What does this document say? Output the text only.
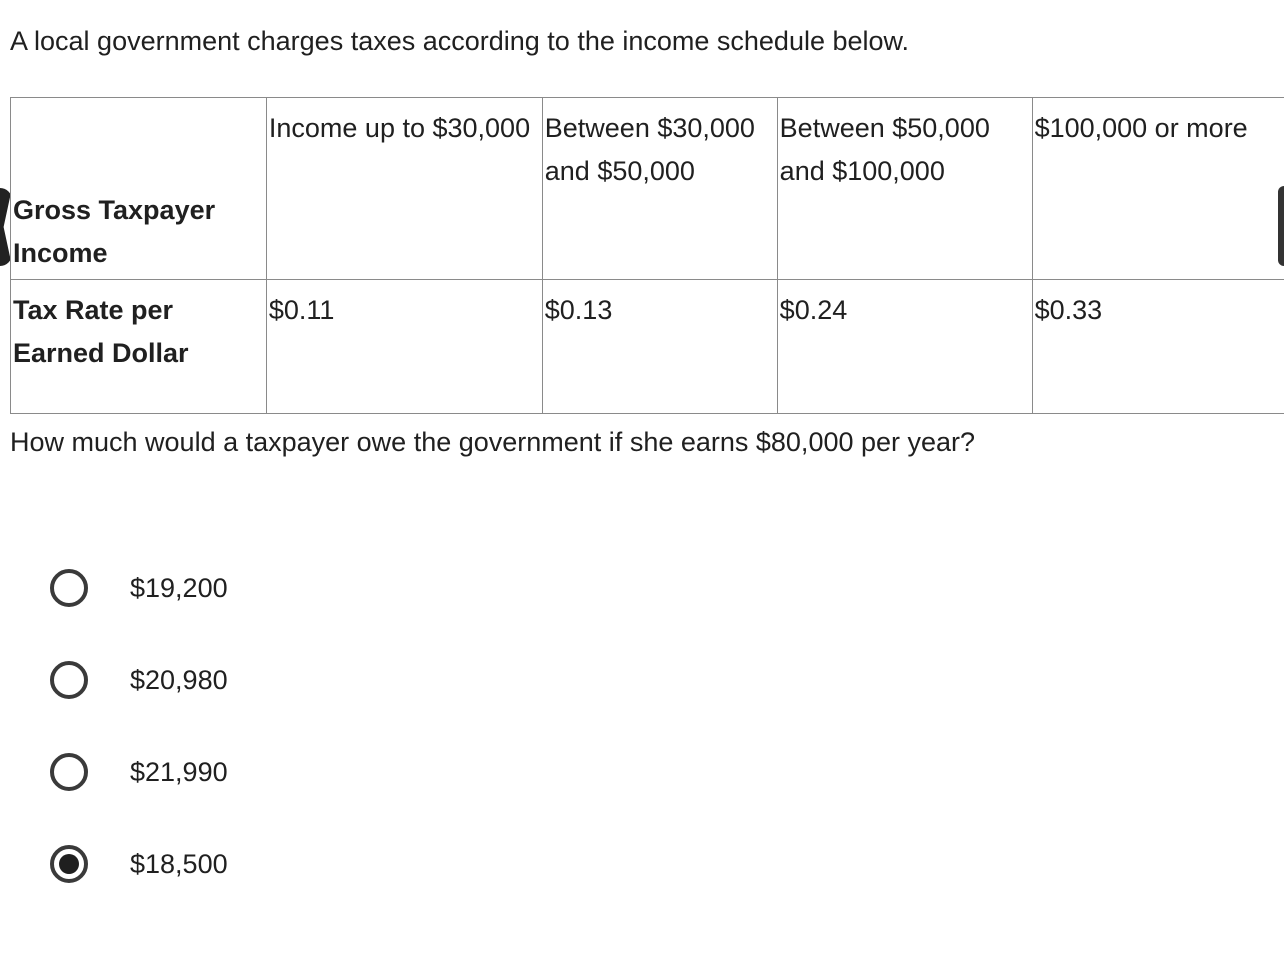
A local government charges taxes according to the income schedule below.

Gross Taxpayer Income	Income up to $30,000	Between $30,000 and $50,000	Between $50,000 and $100,000	$100,000 or more
Tax Rate per Earned Dollar	$0.11	$0.13	$0.24	$0.33

How much would a taxpayer owe the government if she earns $80,000 per year?

$19,200
$20,980
$21,990
$18,500
